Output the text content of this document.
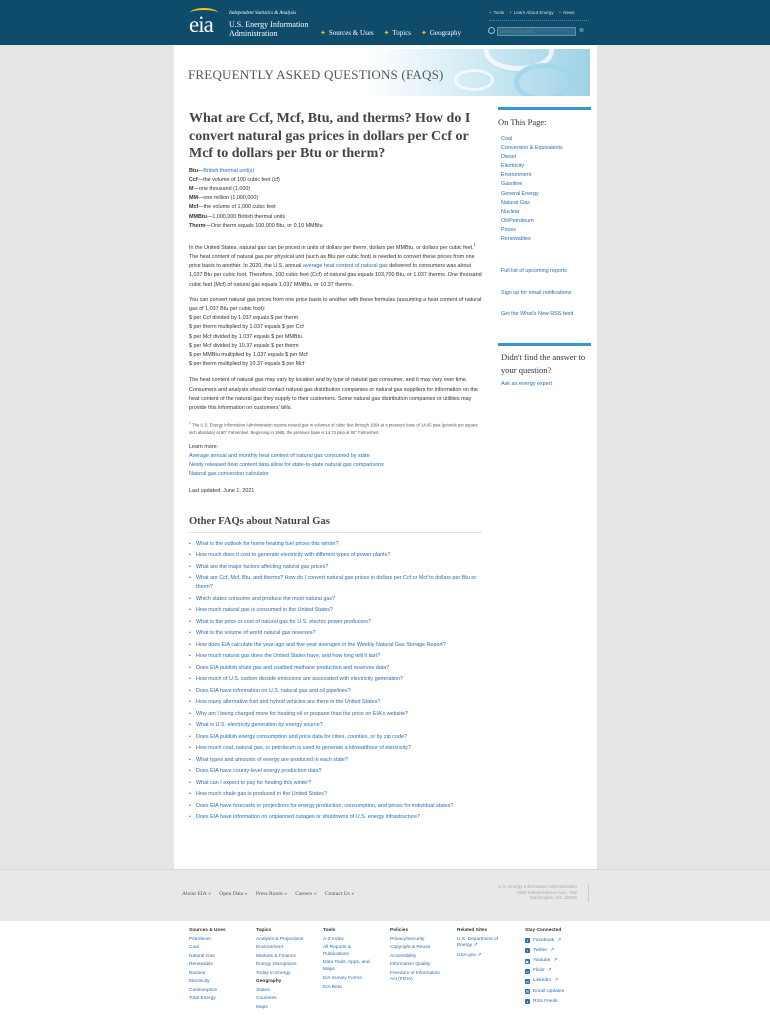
eia	Independent Statistics & Analysis
U.S. Energy Information
Administration	✦ Sources & Uses ✦ Topics ✦ Geography
+ Tools + Learn About Energy + News
Search eia.gov
⊗
FREQUENTLY ASKED QUESTIONS (FAQS)
What are Ccf, Mcf, Btu, and therms? How do I convert natural gas prices in dollars per Ccf or Mcf to dollars per Btu or therm?
Btu—British thermal unit(s)
Ccf—the volume of 100 cubic feet (cf)
M—one thousand (1,000)
MM—one million (1,000,000)
Mcf—the volume of 1,000 cubic feet
MMBtu—1,000,000 British thermal units
Therm—One therm equals 100,000 Btu, or 0.10 MMBtu

In the United States, natural gas can be priced in units of dollars per therm, dollars per MMBtu, or dollars per cubic feet.$^1$ The heat content of natural gas per physical unit (such as Btu per cubic foot) is needed to convert these prices from one price basis to another. In 2020, the U.S. annual average heat content of natural gas delivered to consumers was about 1,037 Btu per cubic foot. Therefore, 100 cubic feet (Ccf) of natural gas equals 103,700 Btu, or 1.037 therms. One thousand cubic feet (Mcf) of natural gas equals 1.037 MMBtu, or 10.37 therms.

You can convert natural gas prices from one price basis to another with these formulas (assuming a heat content of natural gas of 1,037 Btu per cubic foot):
$ per Ccf divided by 1.037 equals $ per therm
$ per therm multiplied by 1.037 equals $ per Ccf
$ per Mcf divided by 1.037 equals $ per MMBtu
$ per Mcf divided by 10.37 equals $ per therm
$ per MMBtu multiplied by 1.037 equals $ per Mcf
$ per therm multiplied by 10.37 equals $ per Mcf

The heat content of natural gas may vary by location and by type of natural gas consumer, and it may vary over time. Consumers and analysts should contact natural gas distribution companies or natural gas suppliers for information on the heat content of the natural gas they supply to their customers. Some natural gas distribution companies or utilities may provide this information on customers' bills.

$^1$ The U.S. Energy Information Administration reports natural gas in volumes of cubic feet through 1964 at a pressure base of 14.65 psia (pounds per square inch absolute) at 60° Fahrenheit. Beginning in 1965, the pressure base is 14.73 psia at 60° Fahrenheit.

Learn more:
Average annual and monthly heat content of natural gas consumed by state
Newly released heat content data allow for state-to-state natural gas comparisons
Natural gas conversion calculator

Last updated: June 1, 2021

Other FAQs about Natural Gas
• What is the outlook for home heating fuel prices this winter?
• How much does it cost to generate electricity with different types of power plants?
• What are the major factors affecting natural gas prices?
• What are Ccf, Mcf, Btu, and therms? How do I convert natural gas prices in dollars per Ccf or Mcf to dollars per Btu or therm?
• Which states consume and produce the most natural gas?
• How much natural gas is consumed in the United States?
• What is the price or cost of natural gas for U.S. electric power producers?
• What is the volume of world natural gas reserves?
• How does EIA calculate the year-ago and five-year averages in the Weekly Natural Gas Storage Report?
• How much natural gas does the United States have, and how long will it last?
• Does EIA publish shale gas and coalbed methane production and reserves data?
• How much of U.S. carbon dioxide emissions are associated with electricity generation?
• Does EIA have information on U.S. natural gas and oil pipelines?
• How many alternative fuel and hybrid vehicles are there in the United States?
• Why am I being charged more for heating oil or propane than the price on EIA's website?
• What is U.S. electricity generation by energy source?
• Does EIA publish energy consumption and price data for cities, counties, or by zip code?
• How much coal, natural gas, or petroleum is used to generate a kilowatthour of electricity?
• What types and amounts of energy are produced in each state?
• Does EIA have county-level energy production data?
• What can I expect to pay for heating this winter?
• How much shale gas is produced in the United States?
• Does EIA have forecasts or projections for energy production, consumption, and prices for individual states?
• Does EIA have information on unplanned outages or shutdowns of U.S. energy infrastructure?
On This Page:
Coal
Conversion & Equivalents
Diesel
Electricity
Environment
Gasoline
General Energy
Natural Gas
Nuclear
Oil/Petroleum
Prices
Renewables
Full list of upcoming reports
Sign up for email notifications
Get the What's New RSS feed
Didn't find the answer to your question?
Ask an energy expert
About EIA ▸ Open Data ▸ Press Room ▸ Careers ▸ Contact Us ▸
U.S. Energy Information Administration
1000 Independence Ave., SW
Washington, DC 20585
Sources & Uses
Petroleum
Coal
Natural Gas
Renewable
Nuclear
Electricity
Consumption
Total Energy
Topics
Analysis & Projections
Environment
Markets & Finance
Energy Disruptions
Today in Energy
Geography
States
Countries
Maps
Tools
A-Z Index
All Reports & Publications
Data Tools, Apps, and Maps
EIA Survey Forms
EIA Beta
Policies
Privacy/Security
Copyright & Reuse
Accessibility
Information Quality
Freedom of Information Act (FOIA)
Related Sites
U.S. Department of Energy ↗
USA.gov ↗
Stay Connected
f	Facebook ↗
t	Twitter ↗
▶ Youtube ↗
•• Flickr ↗
in LinkedIn ↗
✉ Email Updates
◗ RSS Feeds
